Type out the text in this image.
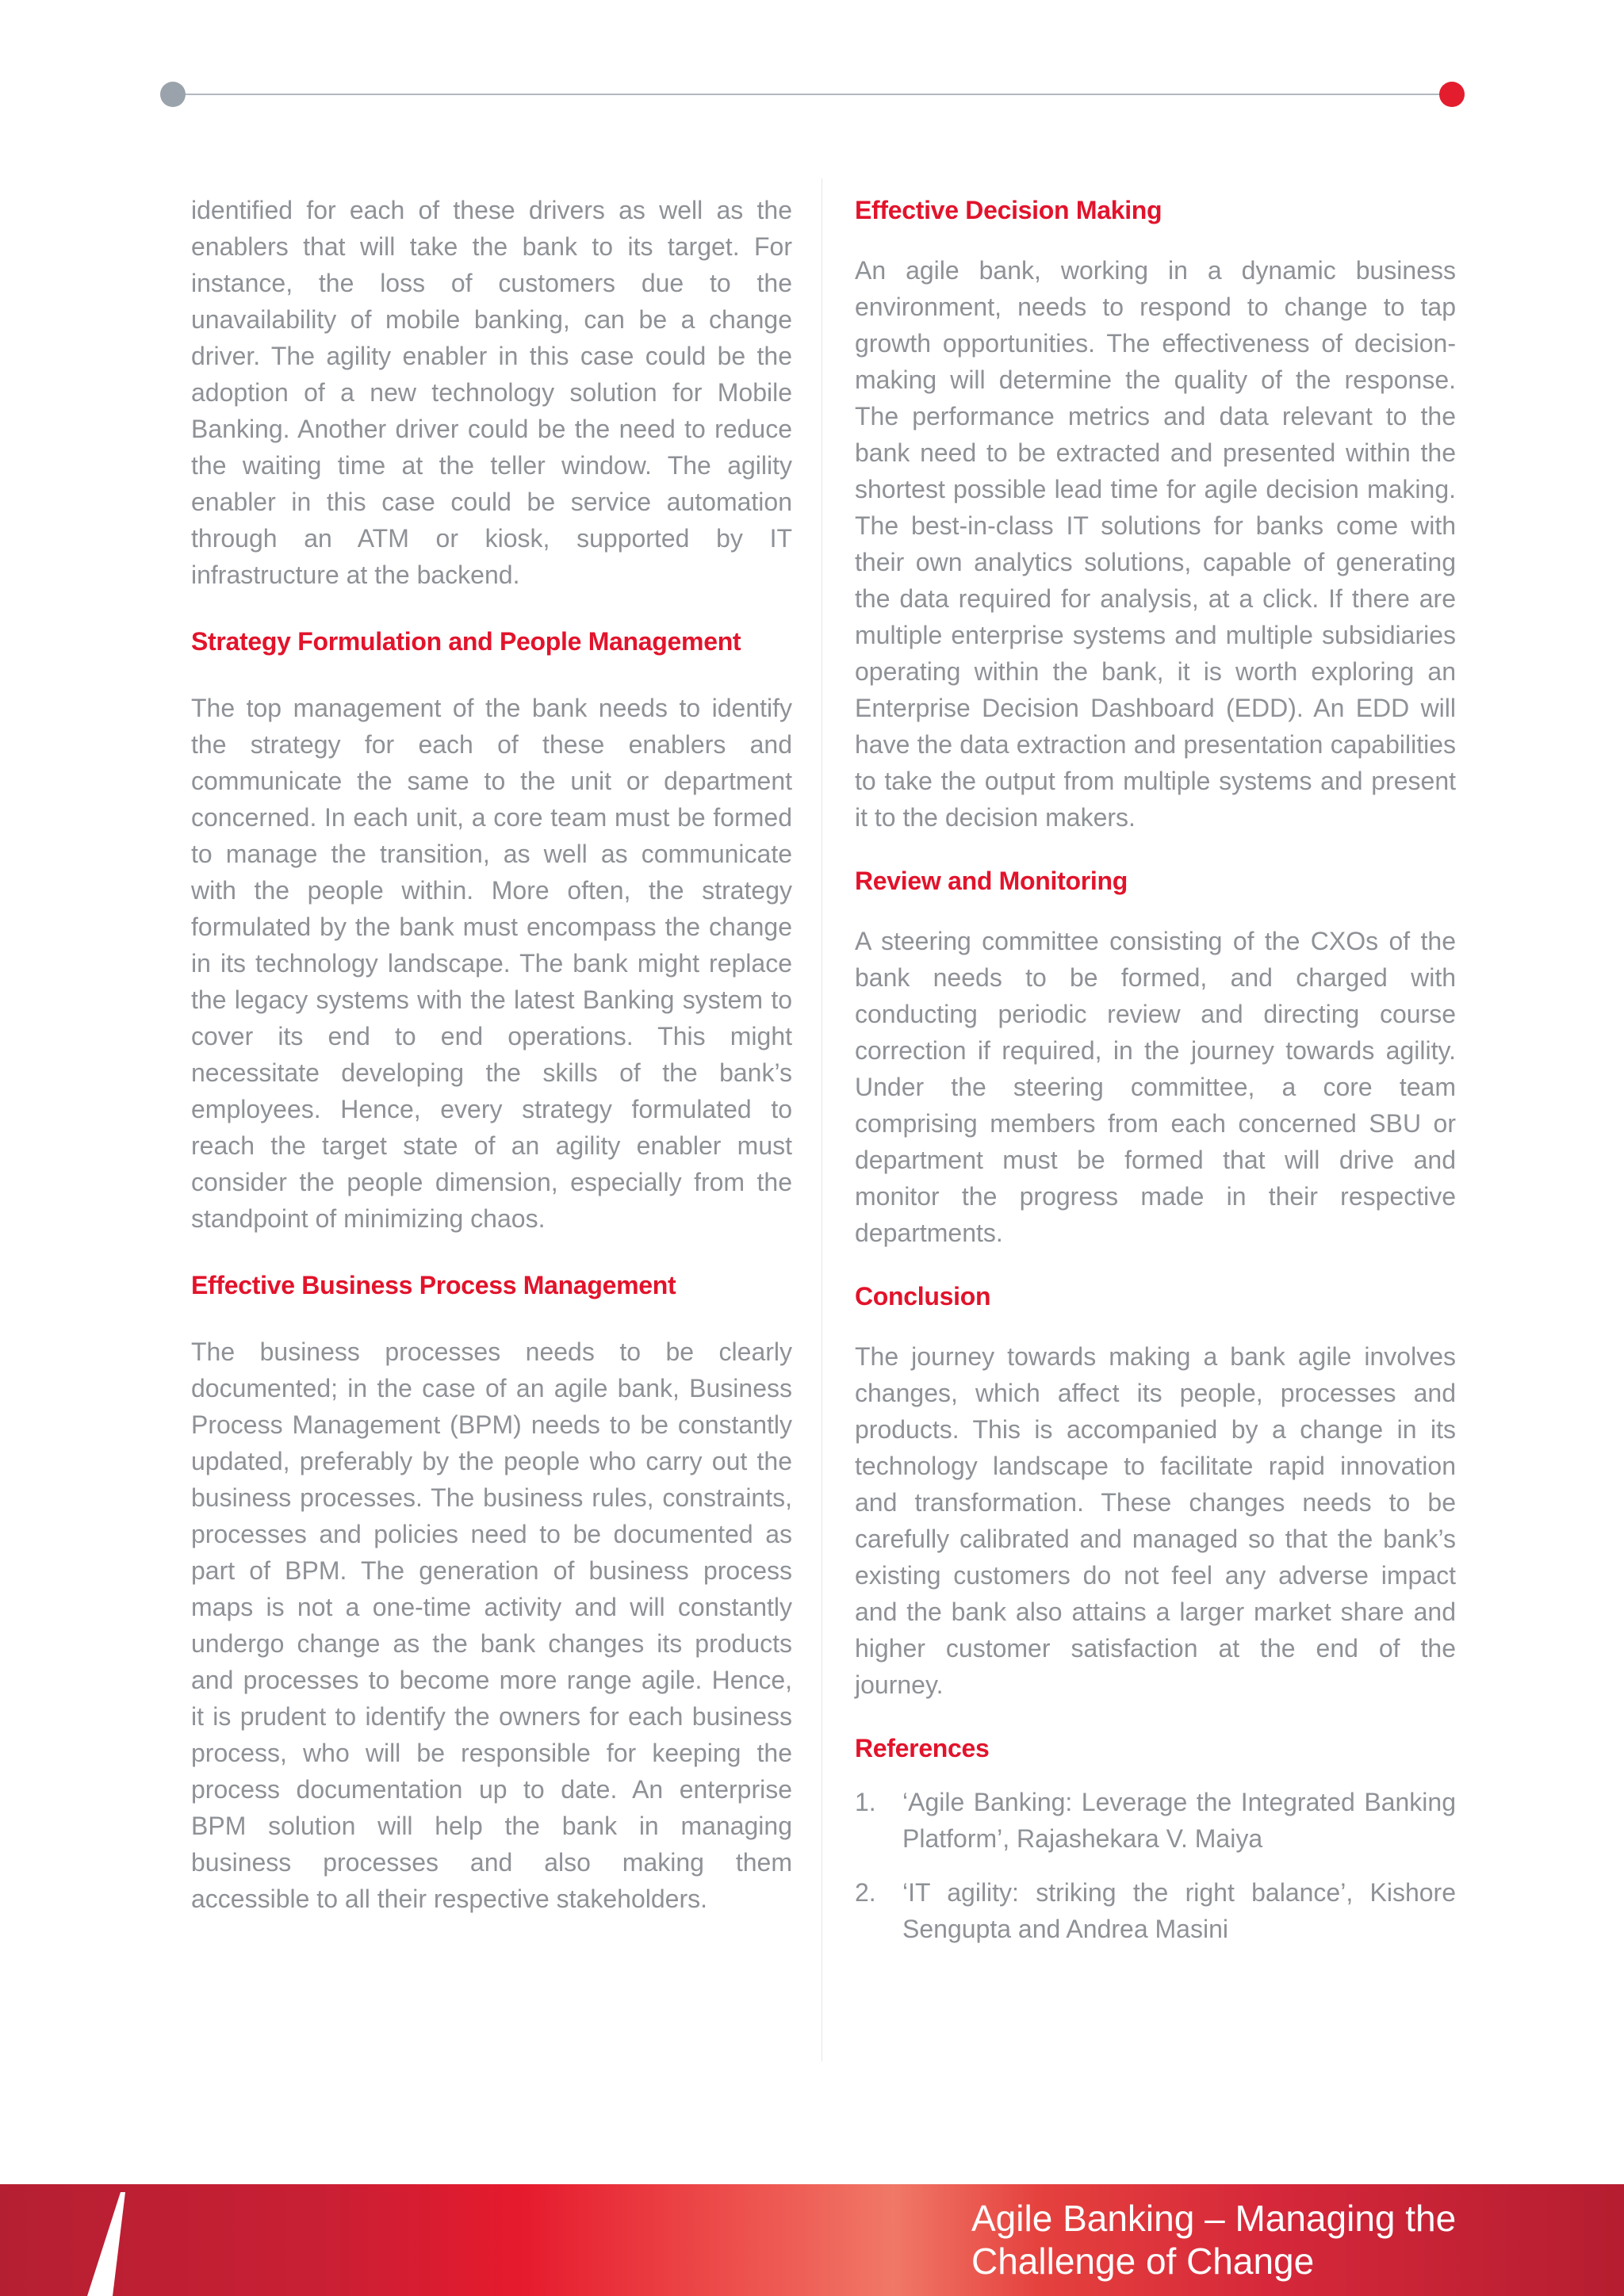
identified for each of these drivers as well as the enablers that will take the bank to its target. For instance, the loss of customers due to the unavailability of mobile banking, can be a change driver. The agility enabler in this case could be the adoption of a new technology solution for Mobile Banking. Another driver could be the need to reduce the waiting time at the teller window. The agility enabler in this case could be service automation through an ATM or kiosk, supported by IT infrastructure at the backend.

Strategy Formulation and People Management

The top management of the bank needs to identify the strategy for each of these enablers and communicate the same to the unit or department concerned. In each unit, a core team must be formed to manage the transition, as well as communicate with the people within. More often, the strategy formulated by the bank must encompass the change in its technology landscape. The bank might replace the legacy systems with the latest Banking system to cover its end to end operations. This might necessitate developing the skills of the bank’s employees. Hence, every strategy formulated to reach the target state of an agility enabler must consider the people dimension, especially from the standpoint of minimizing chaos.

Effective Business Process Management

The business processes needs to be clearly documented; in the case of an agile bank, Business Process Management (BPM) needs to be constantly updated, preferably by the people who carry out the business processes. The business rules, constraints, processes and policies need to be documented as part of BPM. The generation of business process maps is not a one-time activity and will constantly undergo change as the bank changes its products and processes to become more range agile. Hence, it is prudent to identify the owners for each business process, who will be responsible for keeping the process documentation up to date. An enterprise BPM solution will help the bank in managing business processes and also making them accessible to all their respective stakeholders.

Effective Decision Making

An agile bank, working in a dynamic business environment, needs to respond to change to tap growth opportunities. The effectiveness of decision-making will determine the quality of the response. The performance metrics and data relevant to the bank need to be extracted and presented within the shortest possible lead time for agile decision making. The best-in-class IT solutions for banks come with their own analytics solutions, capable of generating the data required for analysis, at a click. If there are multiple enterprise systems and multiple subsidiaries operating within the bank, it is worth exploring an Enterprise Decision Dashboard (EDD). An EDD will have the data extraction and presentation capabilities to take the output from multiple systems and present it to the decision makers.

Review and Monitoring

A steering committee consisting of the CXOs of the bank needs to be formed, and charged with conducting periodic review and directing course correction if required, in the journey towards agility. Under the steering committee, a core team comprising members from each concerned SBU or department must be formed that will drive and monitor the progress made in their respective departments.

Conclusion

The journey towards making a bank agile involves changes, which affect its people, processes and products. This is accompanied by a change in its technology landscape to facilitate rapid innovation and transformation. These changes needs to be carefully calibrated and managed so that the bank’s existing customers do not feel any adverse impact and the bank also attains a larger market share and higher customer satisfaction at the end of the journey.

References
1. ‘Agile Banking: Leverage the Integrated Banking Platform’, Rajashekara V. Maiya
2. ‘IT agility: striking the right balance’, Kishore Sengupta and Andrea Masini
Agile Banking – Managing the
Challenge of Change
